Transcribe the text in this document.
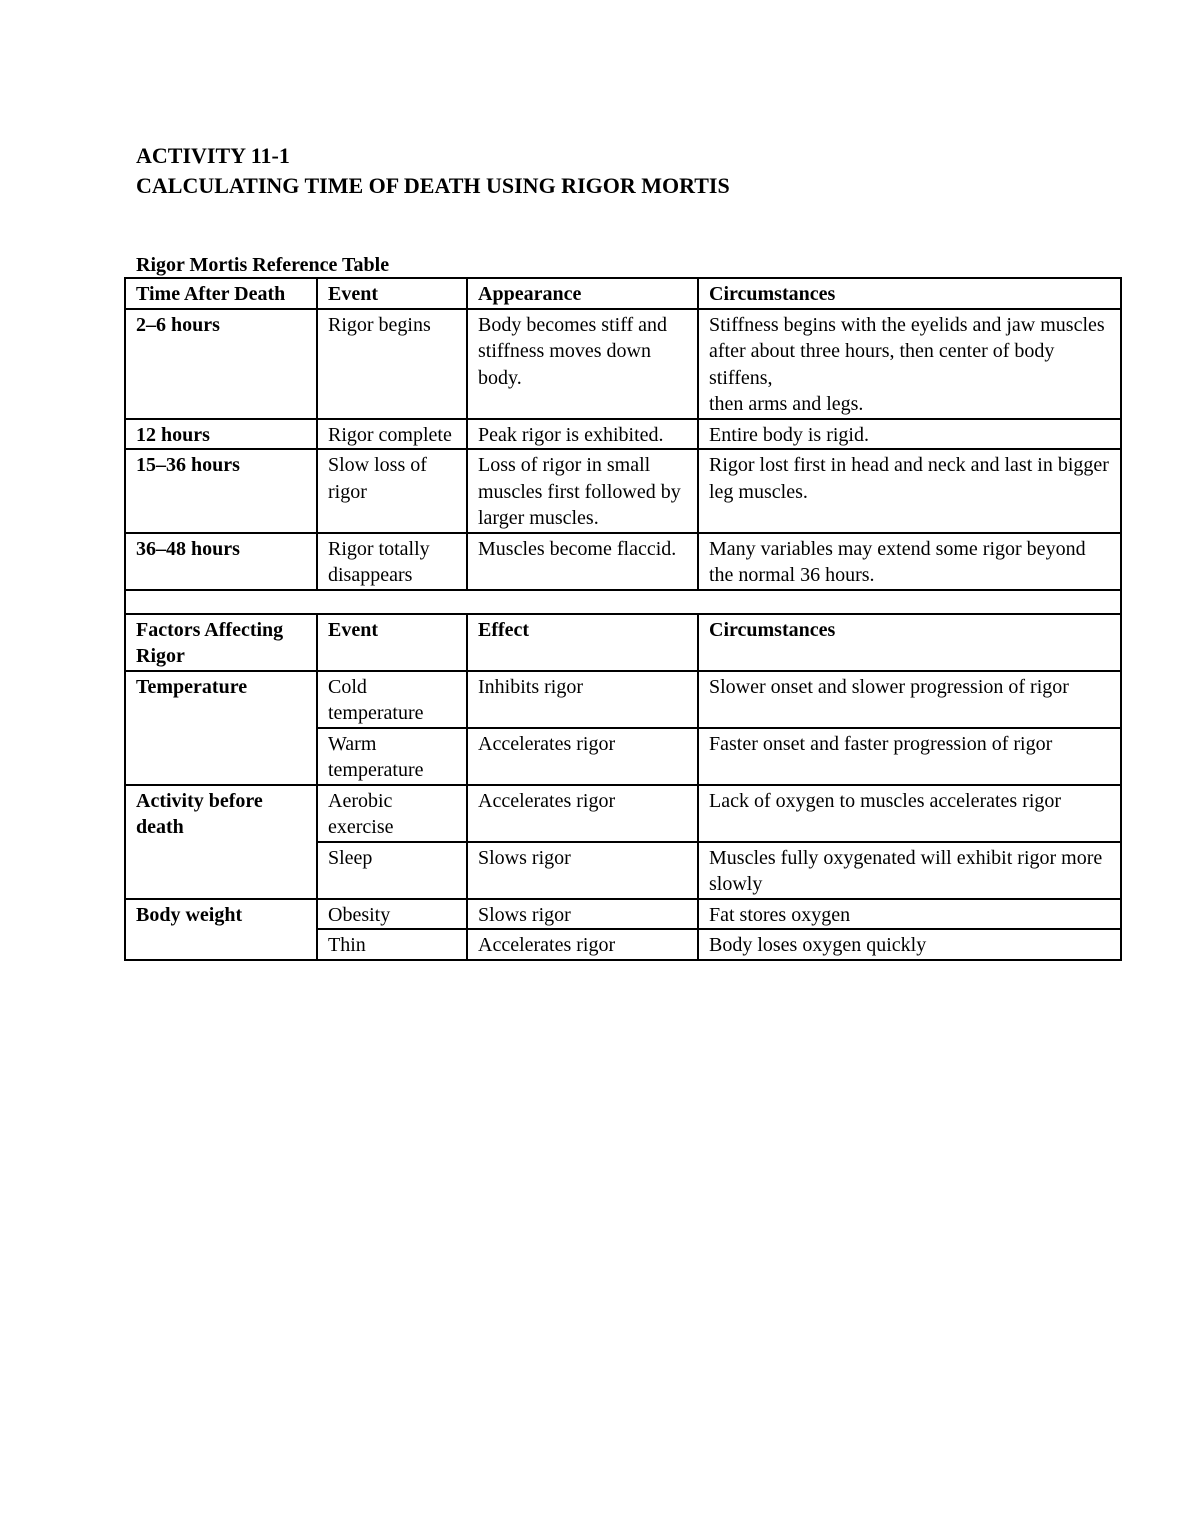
ACTIVITY 11-1
CALCULATING TIME OF DEATH USING RIGOR MORTIS

Rigor Mortis Reference Table

Time After Death	Event	Appearance	Circumstances
2–6 hours	Rigor begins	Body becomes stiff and stiffness moves down body.	Stiffness begins with the eyelids and jaw muscles after about three hours, then center of body stiffens,
then arms and legs.
12 hours	Rigor complete	Peak rigor is exhibited.	Entire body is rigid.
15–36 hours	Slow loss of rigor	Loss of rigor in small muscles first followed by larger muscles.	Rigor lost first in head and neck and last in bigger leg muscles.
36–48 hours	Rigor totally disappears	Muscles become flaccid.	Many variables may extend some rigor beyond the normal 36 hours.

Factors Affecting Rigor	Event	Effect	Circumstances
Temperature	Cold temperature	Inhibits rigor	Slower onset and slower progression of rigor
	Warm temperature	Accelerates rigor	Faster onset and faster progression of rigor
Activity before death	Aerobic exercise	Accelerates rigor	Lack of oxygen to muscles accelerates rigor
	Sleep	Slows rigor	Muscles fully oxygenated will exhibit rigor more slowly
Body weight	Obesity	Slows rigor	Fat stores oxygen
	Thin	Accelerates rigor	Body loses oxygen quickly
